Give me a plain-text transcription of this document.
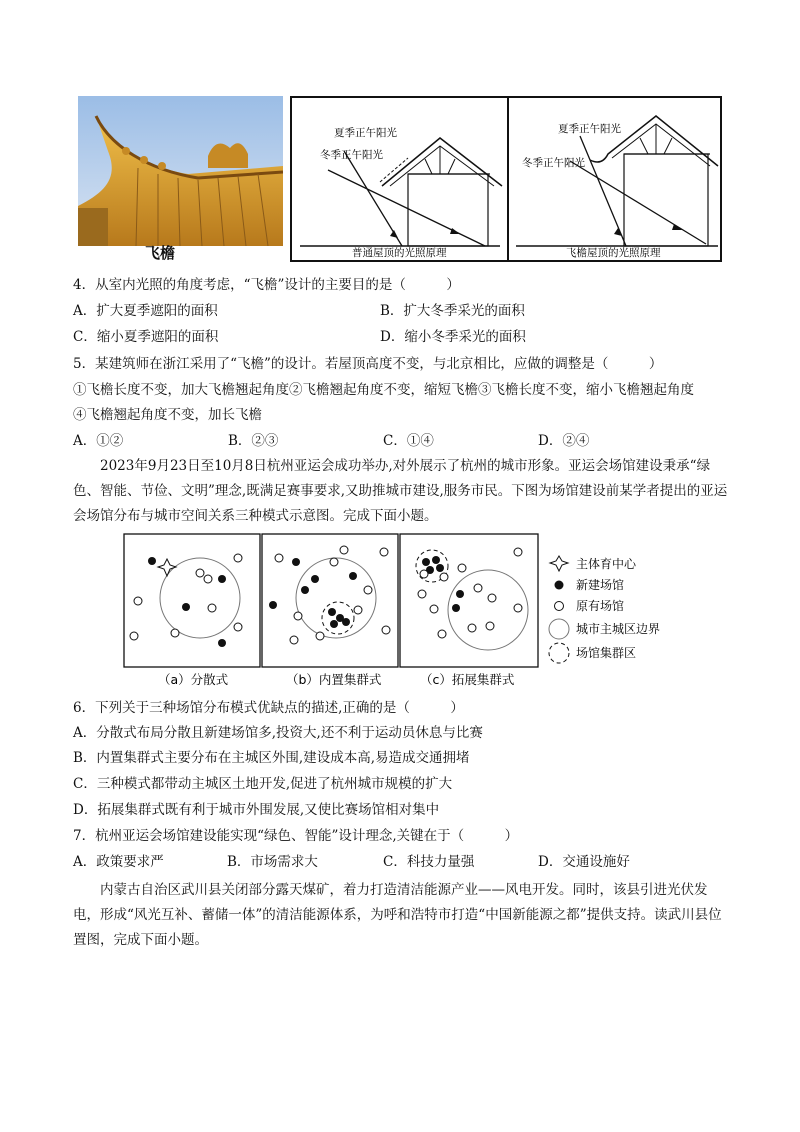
飞檐
夏季正午阳光
冬季正午阳光
普通屋顶的光照原理
夏季正午阳光
冬季正午阳光
飞檐屋顶的光照原理
4．从室内光照的角度考虑，“飞檐”设计的主要目的是（　　　）
A．扩大夏季遮阳的面积	B．扩大冬季采光的面积
C．缩小夏季遮阳的面积	D．缩小冬季采光的面积
5．某建筑师在浙江采用了“飞檐”的设计。若屋顶高度不变，与北京相比，应做的调整是（　　　）
①飞檐长度不变，加大飞檐翘起角度②飞檐翘起角度不变，缩短飞檐③飞檐长度不变，缩小飞檐翘起角度
④飞檐翘起角度不变，加长飞檐
A．①②	B．②③	C．①④	D．②④
2023年9月23日至10月8日杭州亚运会成功举办,对外展示了杭州的城市形象。亚运会场馆建设秉承“绿色、智能、节俭、文明”理念,既满足赛事要求,又助推城市建设,服务市民。下图为场馆建设前某学者提出的亚运会场馆分布与城市空间关系三种模式示意图。完成下面小题。
（a）分散式	（b）内置集群式	（c）拓展集群式
主体育中心
新建场馆
原有场馆
城市主城区边界
场馆集群区
6．下列关于三种场馆分布模式优缺点的描述,正确的是（　　　）
A．分散式布局分散且新建场馆多,投资大,还不利于运动员休息与比赛
B．内置集群式主要分布在主城区外围,建设成本高,易造成交通拥堵
C．三种模式都带动主城区土地开发,促进了杭州城市规模的扩大
D．拓展集群式既有利于城市外围发展,又使比赛场馆相对集中
7．杭州亚运会场馆建设能实现“绿色、智能”设计理念,关键在于（　　　）
A．政策要求严	B．市场需求大	C．科技力量强	D．交通设施好
内蒙古自治区武川县关闭部分露天煤矿，着力打造清洁能源产业——风电开发。同时，该县引进光伏发电，形成“风光互补、蓄储一体”的清洁能源体系，为呼和浩特市打造“中国新能源之都”提供支持。读武川县位置图，完成下面小题。
